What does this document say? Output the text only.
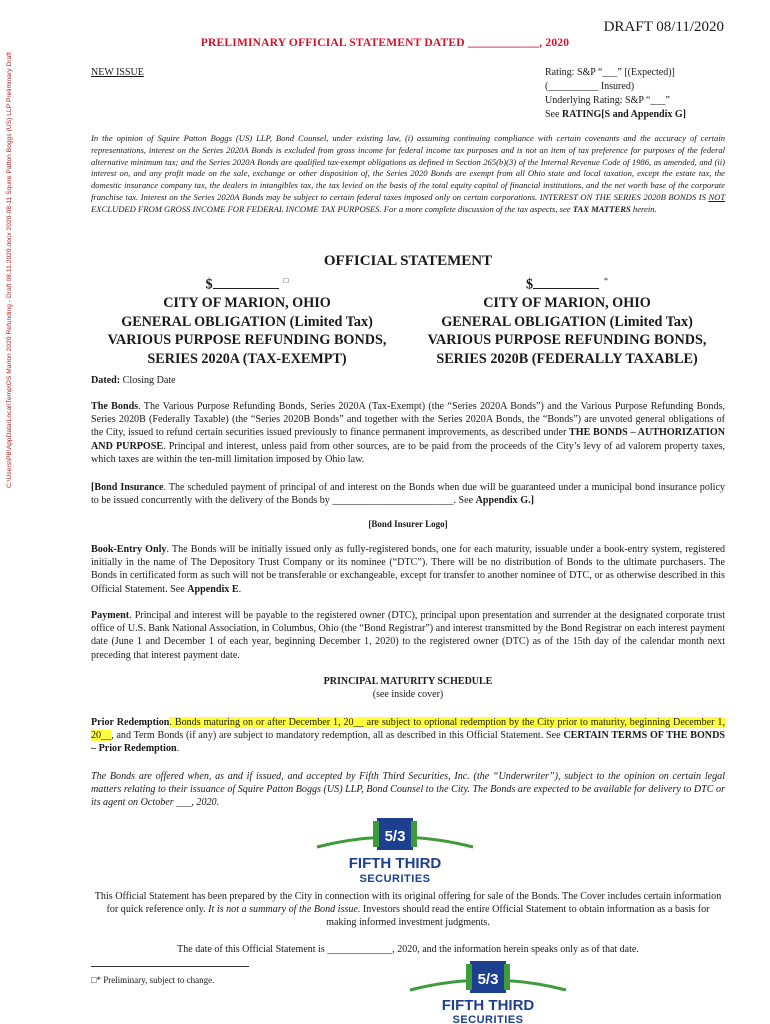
C:\Users\PB\AppData\Local\Temp\OS Marion 2020 Refunding - Draft 08.11.2020.docx 2020-08-11 Squire Patton Boggs (US) LLP Preliminary Draft
DRAFT 08/11/2020
PRELIMINARY OFFICIAL STATEMENT DATED ____________, 2020
NEW ISSUE	Rating: S&P “___” [(Expected)]
(__________ Insured)
Underlying Rating: S&P “___”
See RATING[S and Appendix G]
In the opinion of Squire Patton Boggs (US) LLP, Bond Counsel, under existing law, (i) assuming continuing compliance with certain covenants and the accuracy of certain representations, interest on the Series 2020A Bonds is excluded from gross income for federal income tax purposes and is not an item of tax preference for purposes of the federal alternative minimum tax; and the Series 2020A Bonds are qualified tax-exempt obligations as defined in Section 265(b)(3) of the Internal Revenue Code of 1986, as amended, and (ii) interest on, and any profit made on the sale, exchange or other disposition of, the Series 2020 Bonds are exempt from all Ohio state and local taxation, except the estate tax, the domestic insurance company tax, the dealers in intangibles tax, the tax levied on the basis of the total equity capital of financial institutions, and the net worth base of the corporate franchise tax. Interest on the Series 2020A Bonds may be subject to certain federal taxes imposed only on certain corporations. INTEREST ON THE SERIES 2020B BONDS IS NOT EXCLUDED FROM GROSS INCOME FOR FEDERAL INCOME TAX PURPOSES. For a more complete discussion of the tax aspects, see TAX MATTERS herein.
OFFICIAL STATEMENT
$	□
CITY OF MARION, OHIO
GENERAL OBLIGATION (Limited Tax)
VARIOUS PURPOSE REFUNDING BONDS,
SERIES 2020A (TAX-EXEMPT)
$	*
CITY OF MARION, OHIO
GENERAL OBLIGATION (Limited Tax)
VARIOUS PURPOSE REFUNDING BONDS,
SERIES 2020B (FEDERALLY TAXABLE)
Dated: Closing Date
The Bonds. The Various Purpose Refunding Bonds, Series 2020A (Tax-Exempt) (the “Series 2020A Bonds”) and the Various Purpose Refunding Bonds, Series 2020B (Federally Taxable) (the “Series 2020B Bonds” and together with the Series 2020A Bonds, the “Bonds”) are unvoted general obligations of the City, issued to refund certain securities issued previously to finance permanent improvements, as described under THE BONDS – AUTHORIZATION AND PURPOSE. Principal and interest, unless paid from other sources, are to be paid from the proceeds of the City’s levy of ad valorem property taxes, which taxes are within the ten-mill limitation imposed by Ohio law.
[Bond Insurance. The scheduled payment of principal of and interest on the Bonds when due will be guaranteed under a municipal bond insurance policy to be issued concurrently with the delivery of the Bonds by ________________________. See Appendix G.]
[Bond Insurer Logo]
Book-Entry Only. The Bonds will be initially issued only as fully-registered bonds, one for each maturity, issuable under a book-entry system, registered initially in the name of The Depository Trust Company or its nominee (“DTC”). There will be no distribution of Bonds to the ultimate purchasers. The Bonds in certificated form as such will not be transferable or exchangeable, except for transfer to another nominee of DTC, or as otherwise described in this Official Statement. See Appendix E.
Payment. Principal and interest will be payable to the registered owner (DTC), principal upon presentation and surrender at the designated corporate trust office of U.S. Bank National Association, in Columbus, Ohio (the “Bond Registrar”) and interest transmitted by the Bond Registrar on each interest payment date (June 1 and December 1 of each year, beginning December 1, 2020) to the registered owner (DTC) as of the 15th day of the calendar month next preceding that interest payment date.
PRINCIPAL MATURITY SCHEDULE
(see inside cover)
Prior Redemption. Bonds maturing on or after December 1, 20__ are subject to optional redemption by the City prior to maturity, beginning December 1, 20__, and Term Bonds (if any) are subject to mandatory redemption, all as described in this Official Statement. See CERTAIN TERMS OF THE BONDS – Prior Redemption.
The Bonds are offered when, as and if issued, and accepted by Fifth Third Securities, Inc. (the “Underwriter”), subject to the opinion on certain legal matters relating to their issuance of Squire Patton Boggs (US) LLP, Bond Counsel to the City. The Bonds are expected to be available for delivery to DTC or its agent on October ___, 2020.
5/3
FIFTH THIRD
SECURITIES
This Official Statement has been prepared by the City in connection with its original offering for sale of the Bonds. The Cover includes certain information for quick reference only. It is not a summary of the Bond issue. Investors should read the entire Official Statement to obtain information as a basis for making informed investment judgments.
The date of this Official Statement is _____________, 2020, and the information herein speaks only as of that date.
□* Preliminary, subject to change.	5/3
FIFTH THIRD
SECURITIES
